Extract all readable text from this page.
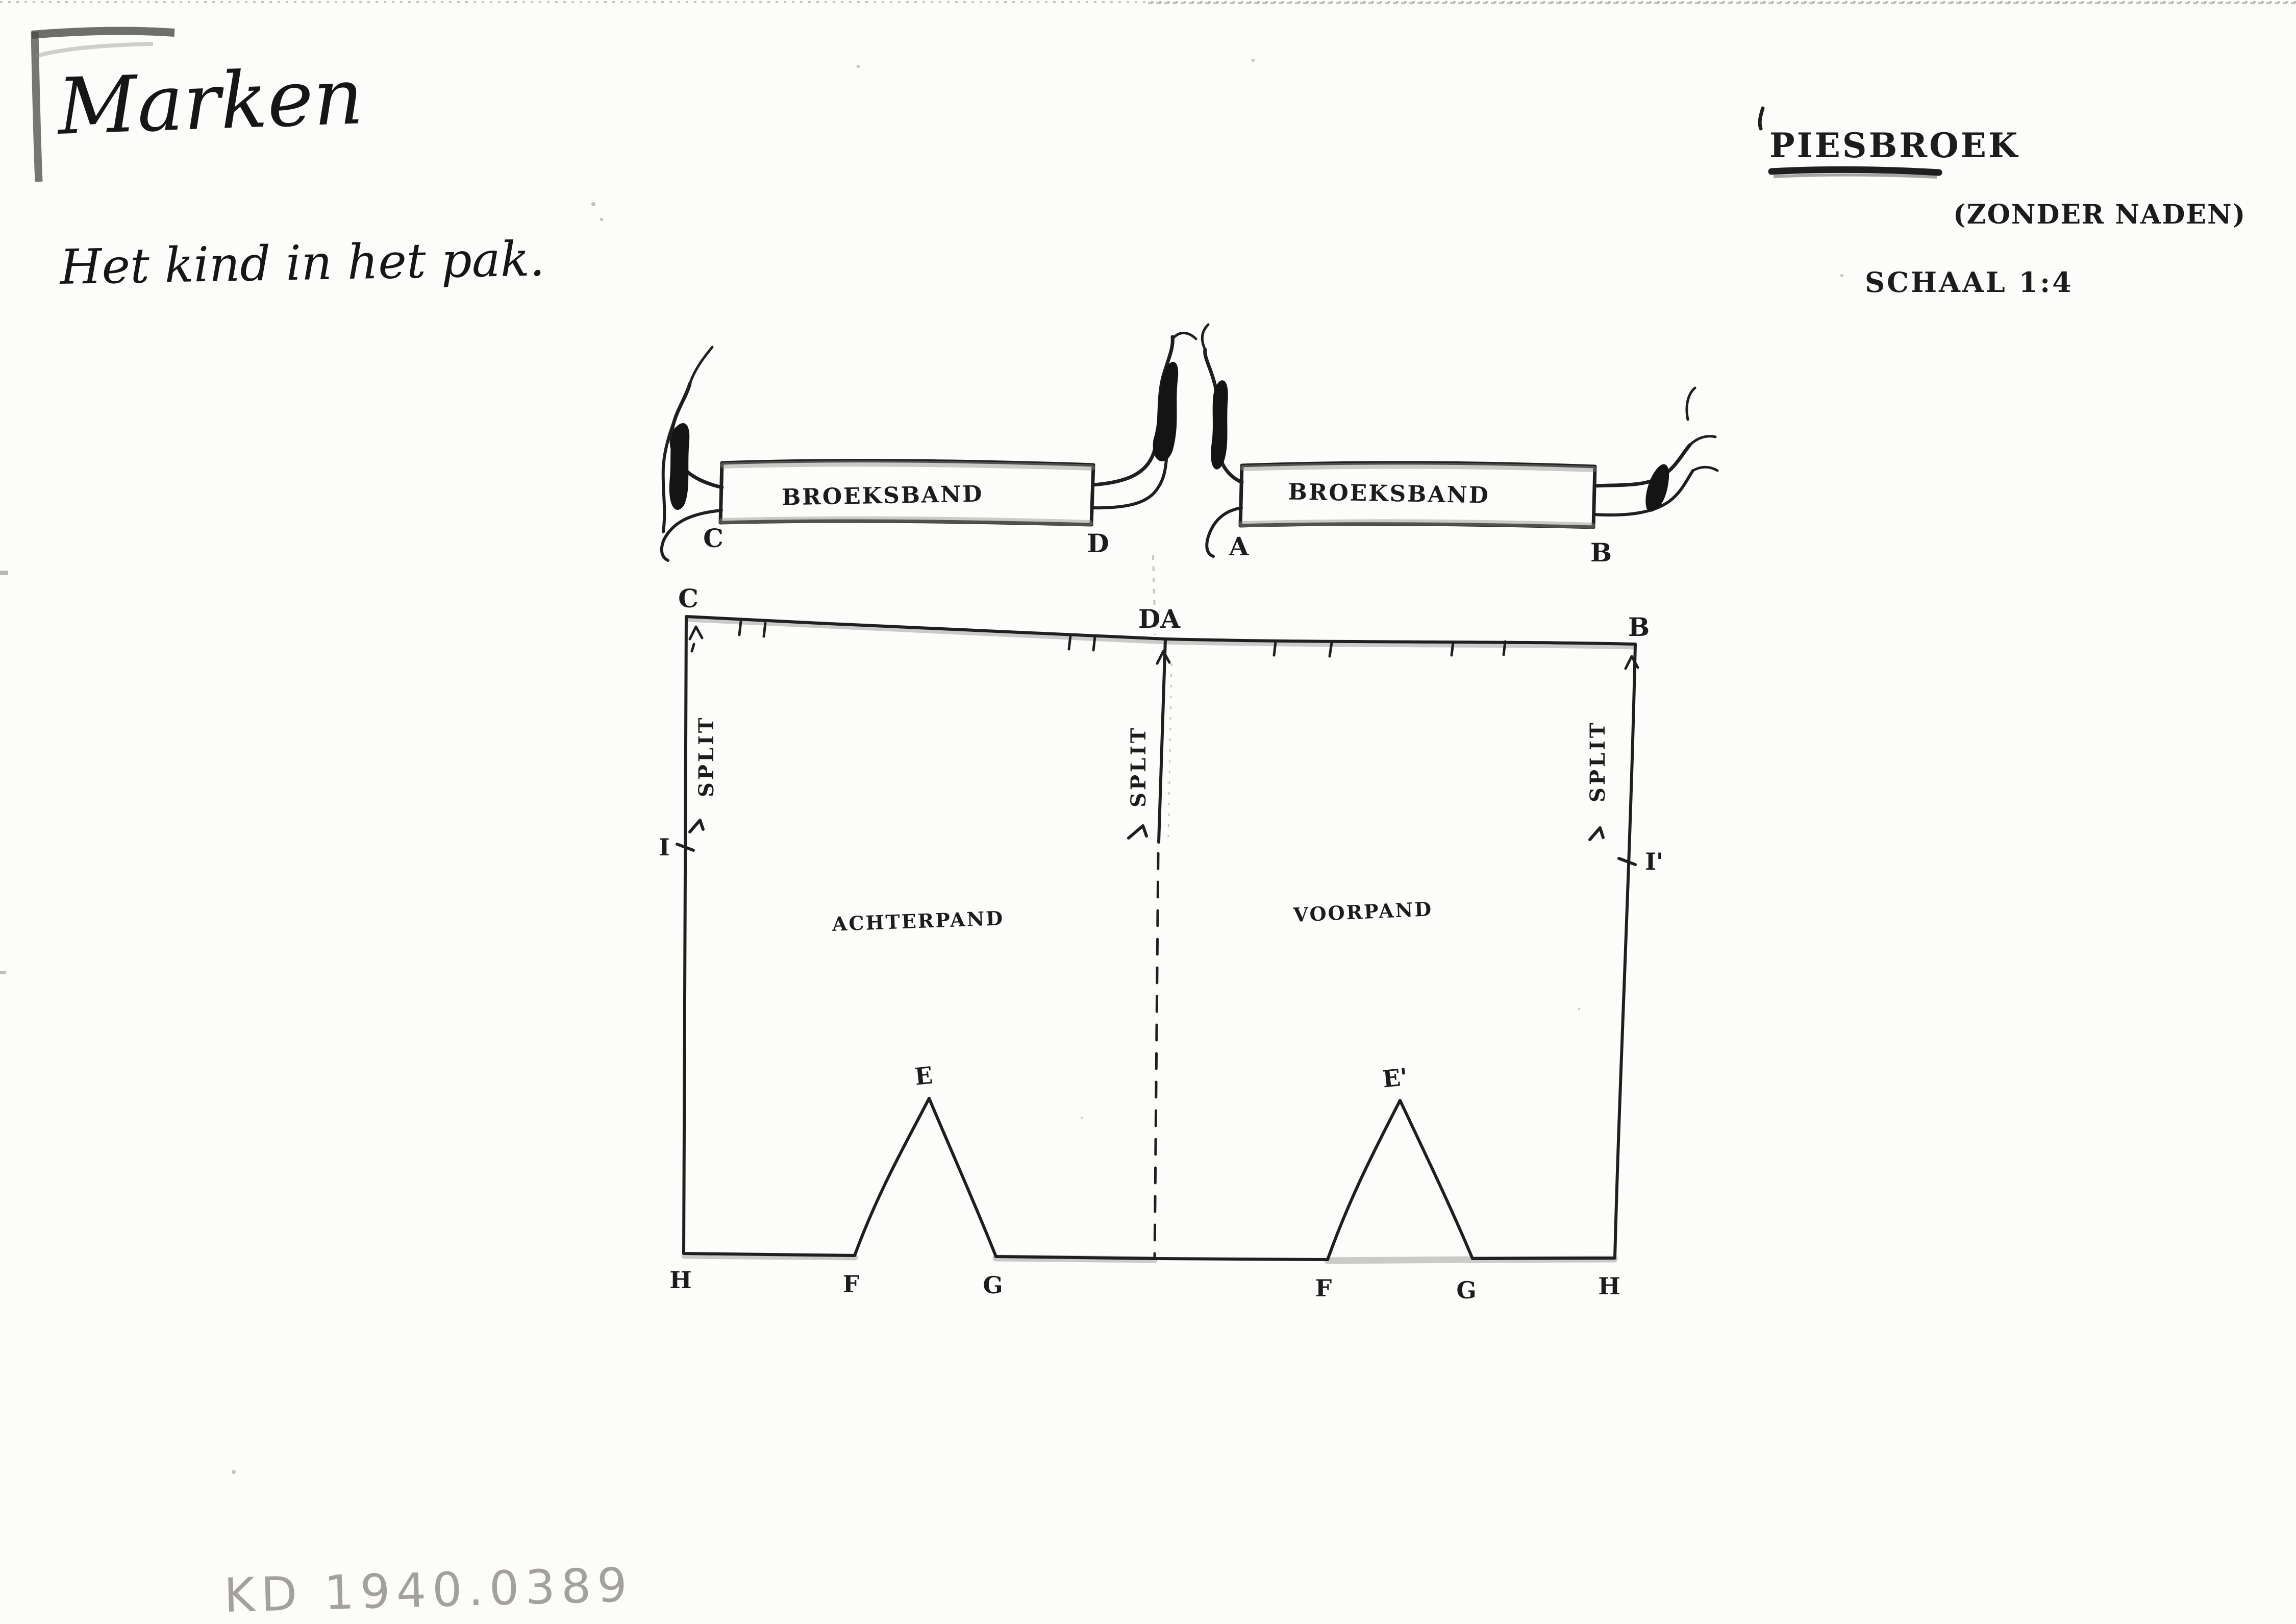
Marken
Het kind in het pak.
PIESBROEK
(ZONDER NADEN)
SCHAAL 1:4
BROEKSBAND
C	D
BROEKSBAND
A	B
C
DA	B
SPLIT	SPLIT	SPLIT
I
I'
ACHTERPAND	VOORPAND
E	E'
H	F	G	F	G	H
KD 1940.0389
